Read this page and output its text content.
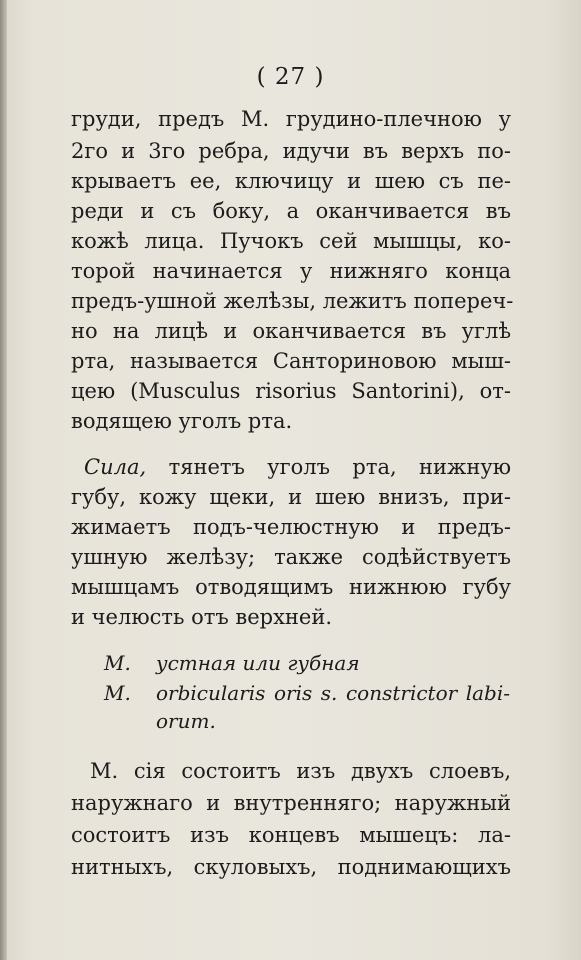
( 27 )
груди, предъ М. грудино-плечною у
2го и 3го ребра, идучи въ верхъ по-
крываетъ ее, ключицу и шею съ пе-
реди и съ боку, а оканчивается въ
кожѣ лица. Пучокъ сей мышцы, ко-
торой начинается у нижняго конца
предъ-ушной желѣзы, лежитъ попереч-
но на лицѣ и оканчивается въ углѣ
рта, называется Санториновою мыш-
цею (Musculus risorius Santorini), от-
водящею уголъ рта.
Сила, тянетъ уголъ рта, нижную
губу, кожу щеки, и шею внизъ, при-
жимаетъ подъ-челюстную и предъ-
ушную желѣзу; также содѣйствуетъ
мышцамъ отводящимъ нижнюю губу
и челюсть отъ верхней.
М.	устная или губная
M.	orbicularis oris s. constrictor labi-
orum.
М. сія состоитъ изъ двухъ слоевъ,
наружнаго и внутренняго; наружный
состоитъ изъ концевъ мышецъ: ла-
нитныхъ, скуловыхъ, поднимающихъ
